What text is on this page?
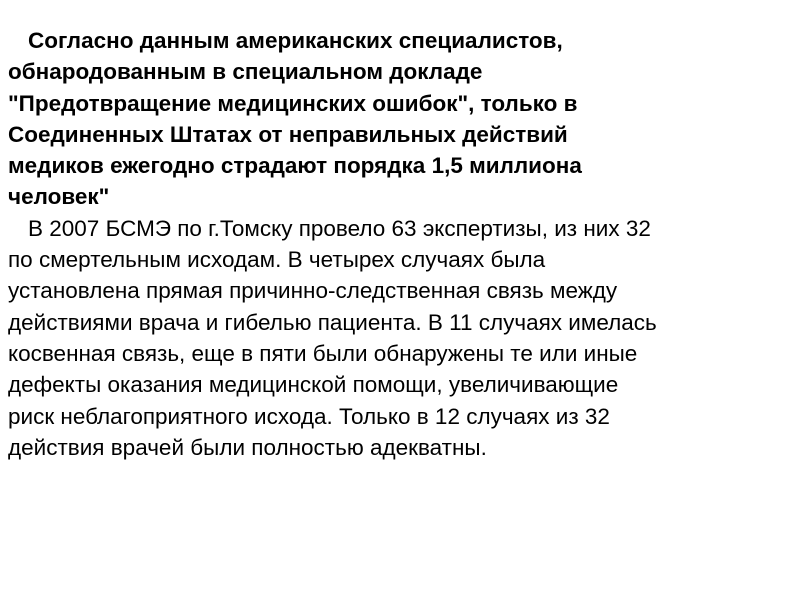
Согласно данным американских специалистов,
обнародованным в специальном докладе
"Предотвращение медицинских ошибок", только в
Соединенных Штатах от неправильных действий
медиков ежегодно страдают порядка 1,5 миллиона
человек"

В 2007 БСМЭ по г.Томску провело 63 экспертизы, из них 32
по смертельным исходам. В четырех случаях была
установлена прямая причинно-следственная связь между
действиями врача и гибелью пациента. В 11 случаях имелась
косвенная связь, еще в пяти были обнаружены те или иные
дефекты оказания медицинской помощи, увеличивающие
риск неблагоприятного исхода. Только в 12 случаях из 32
действия врачей были полностью адекватны.
